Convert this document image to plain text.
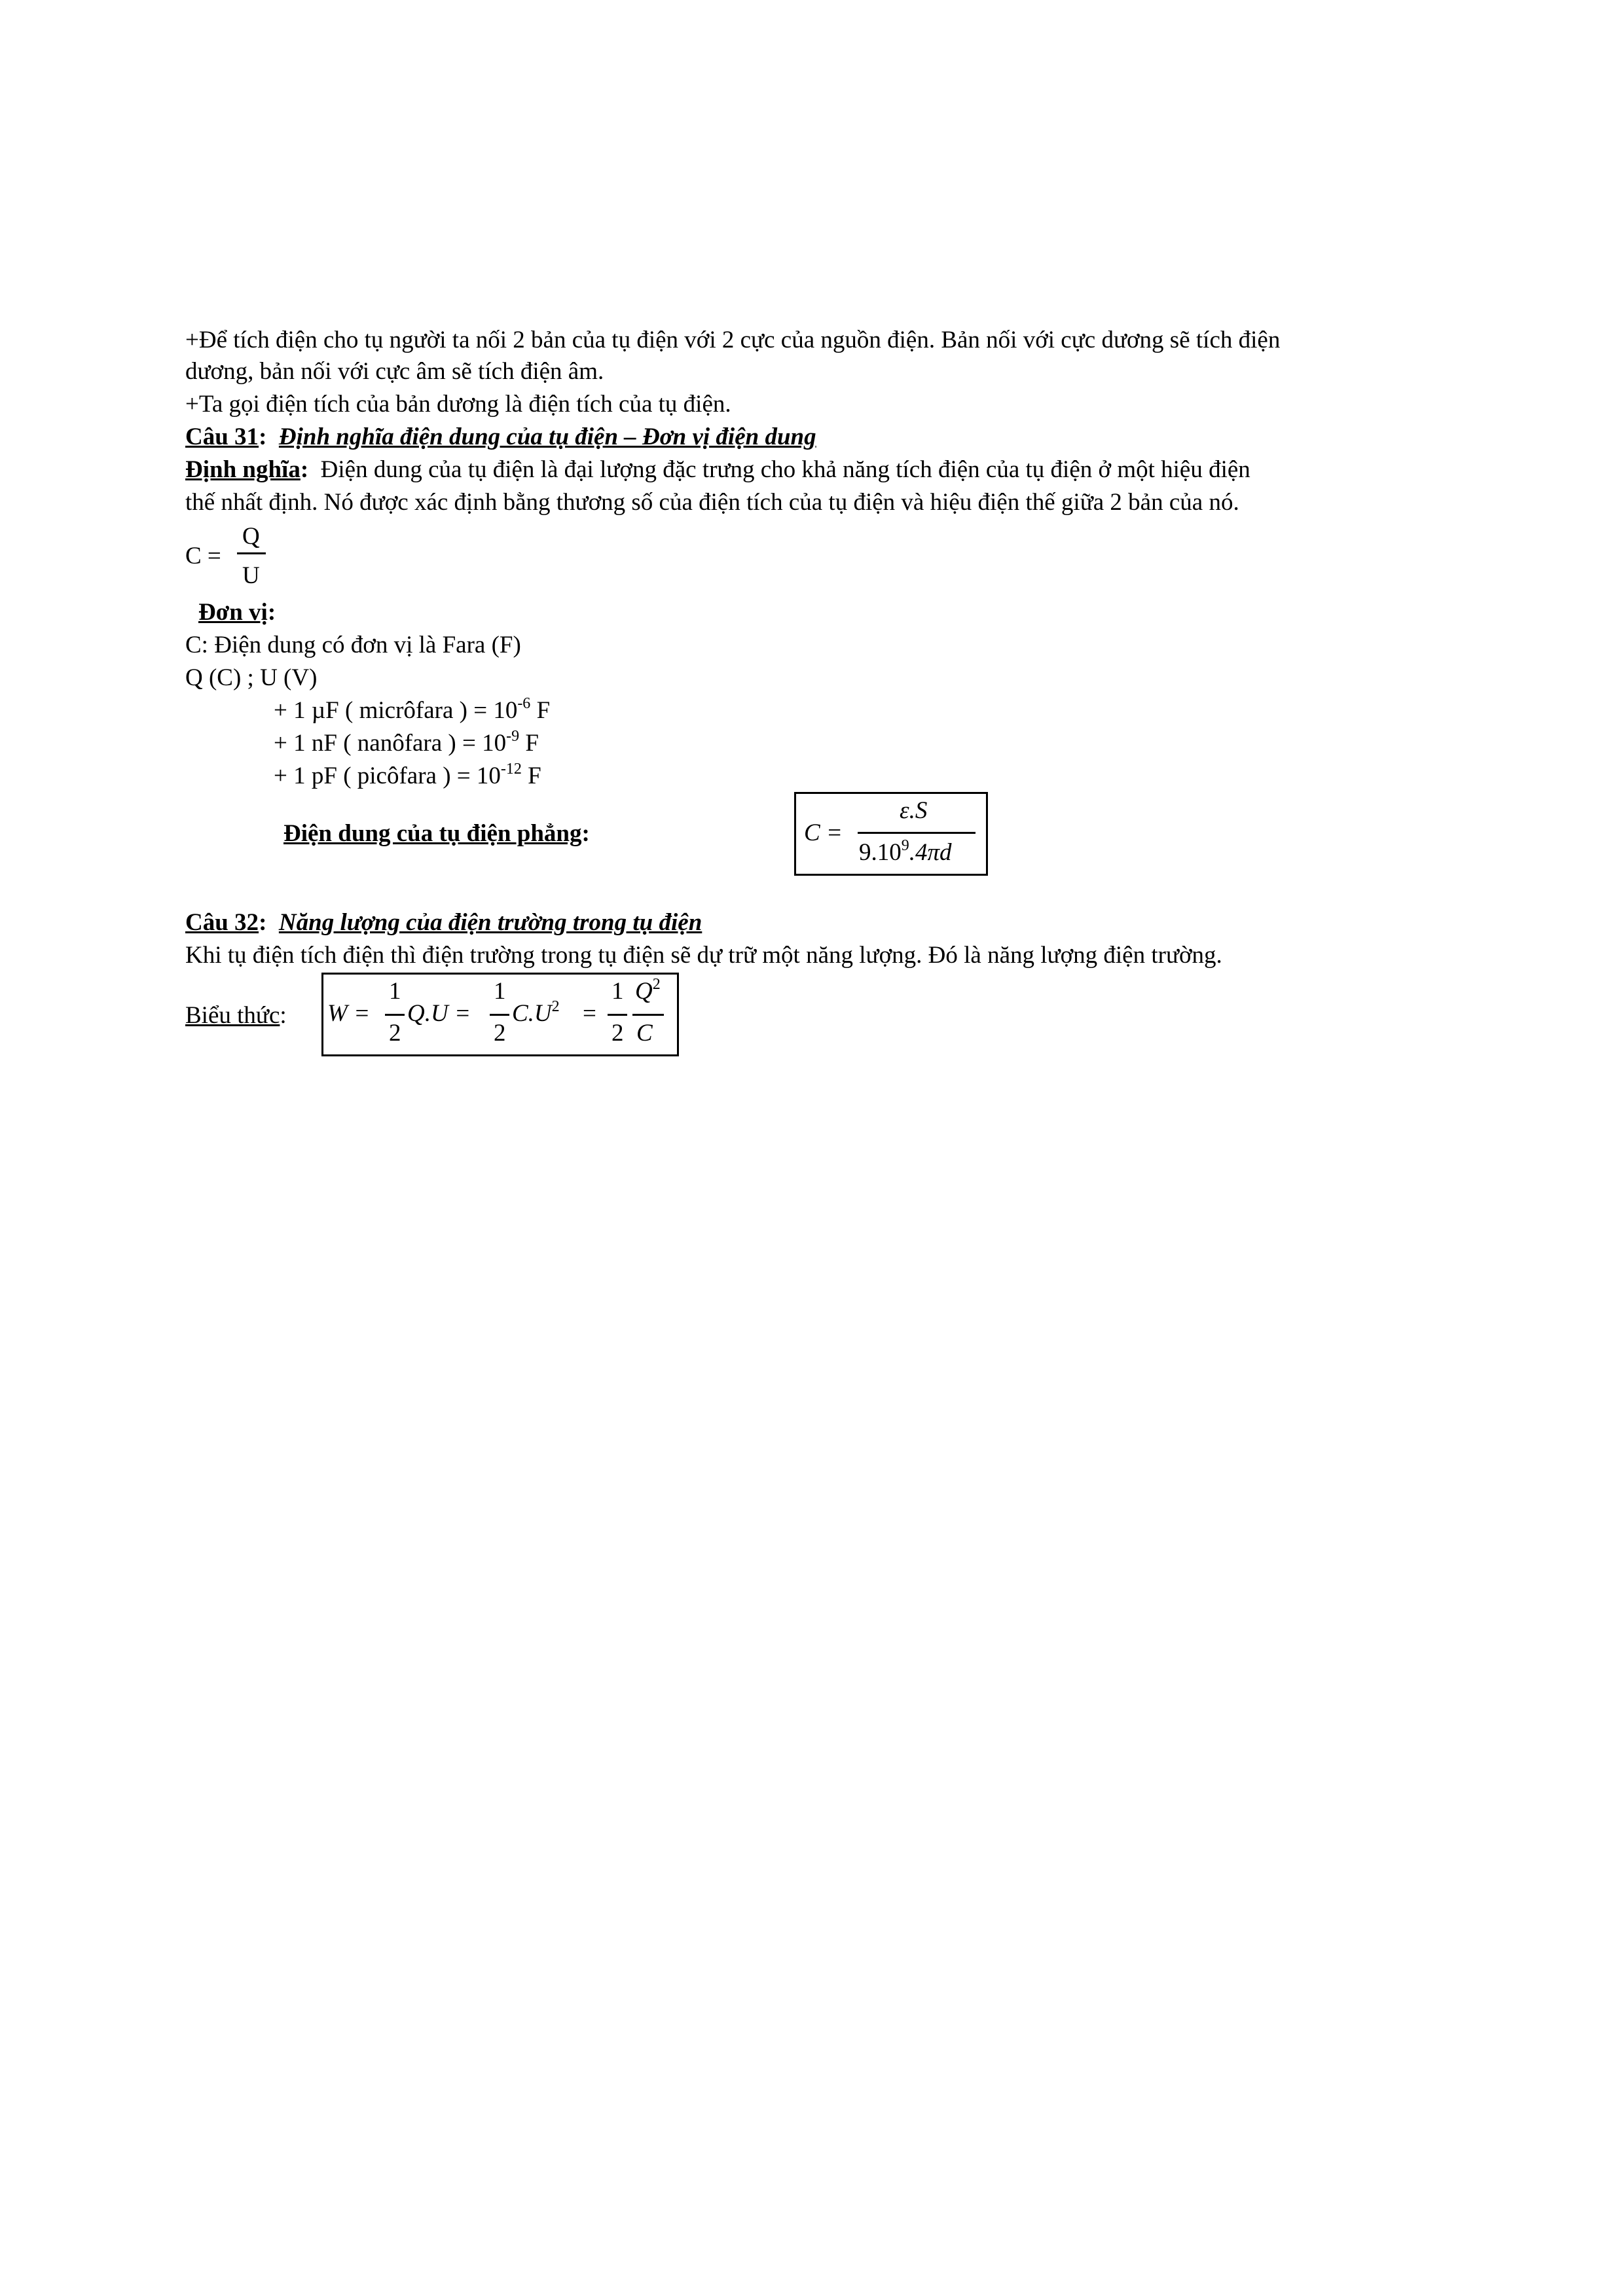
+Để tích điện cho tụ người ta nối 2 bản của tụ điện với 2 cực của nguồn điện. Bản nối với cực dương sẽ tích điện
dương, bản nối với cực âm sẽ tích điện âm.
+Ta gọi điện tích của bản dương là điện tích của tụ điện.
Câu 31: Định nghĩa điện dung của tụ điện – Đơn vị điện dung
Định nghĩa: Điện dung của tụ điện là đại lượng đặc trưng cho khả năng tích điện của tụ điện ở một hiệu điện
thế nhất định. Nó được xác định bằng thương số của điện tích của tụ điện và hiệu điện thế giữa 2 bản của nó.
C =
Q
U
Đơn vị:
C: Điện dung có đơn vị là Fara (F)
Q (C) ; U (V)
+ 1 µF ( micrôfara ) = $10^{-6}$ F
+ 1 nF ( nanôfara ) = $10^{-9}$ F
+ 1 pF ( picôfara ) = $10^{-12}$ F
Điện dung của tụ điện phẳng:	C =
ε.S
9.10$^9$.4πd
Câu 32: Năng lượng của điện trường trong tụ điện
Khi tụ điện tích điện thì điện trường trong tụ điện sẽ dự trữ một năng lượng. Đó là năng lượng điện trường.
Biểu thức: W =
1
2
Q.U =
1
2
$C.U^2$ =
1
2
$Q^2$
C
